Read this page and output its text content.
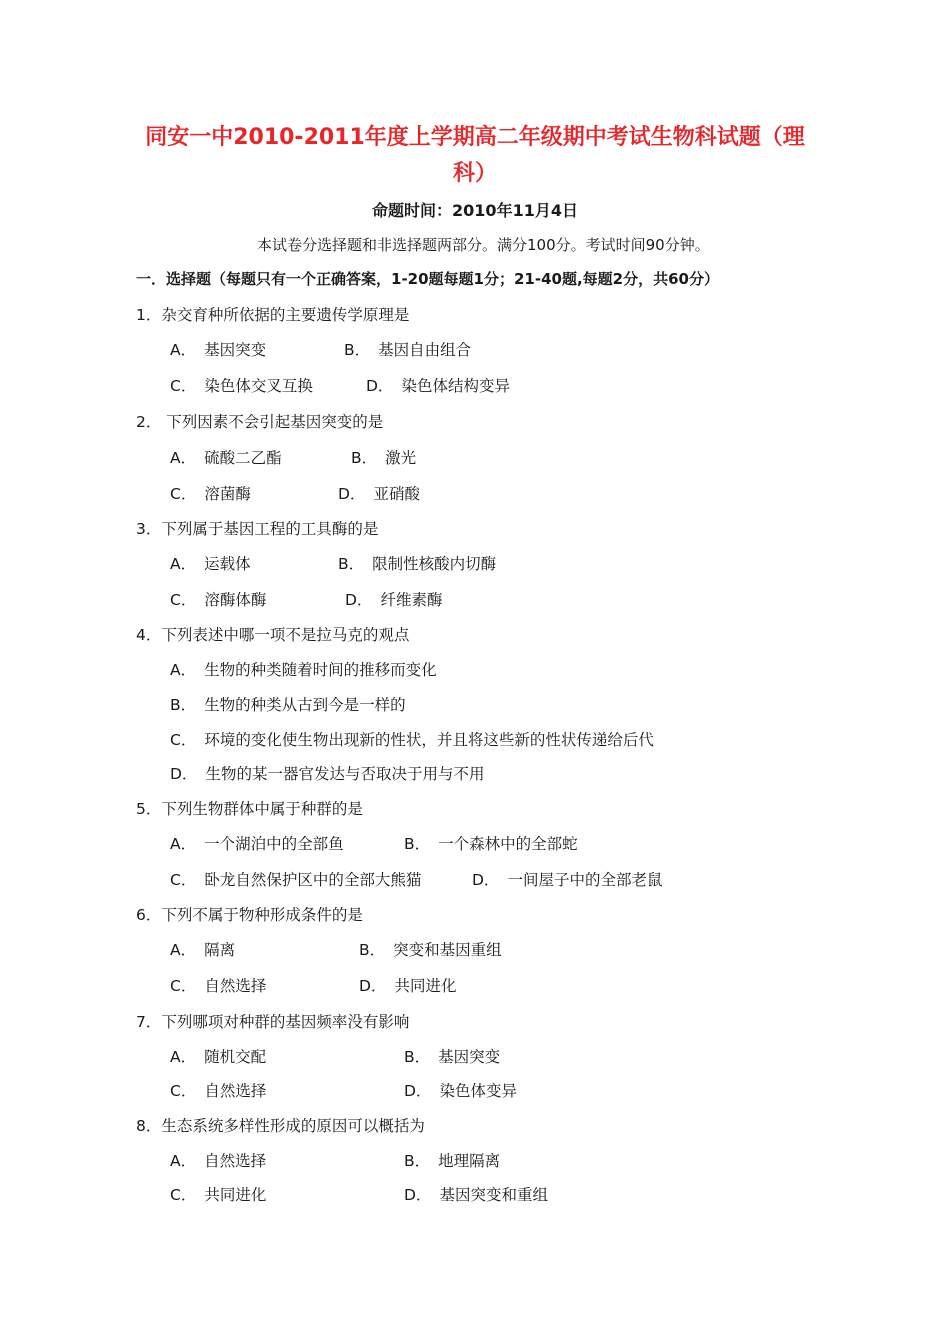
同安一中2010-2011年度上学期高二年级期中考试生物科试题（理科）
命题时间：2010年11月4日
本试卷分选择题和非选择题两部分。满分100分。考试时间90分钟。
一．选择题（每题只有一个正确答案，1-20题每题1分；21-40题,每题2分，共60分）
1．杂交育种所依据的主要遗传学原理是
A． 基因突变	B． 基因自由组合
C． 染色体交叉互换	D． 染色体结构变异
2． 下列因素不会引起基因突变的是
A． 硫酸二乙酯	B． 激光
C． 溶菌酶	D． 亚硝酸
3．下列属于基因工程的工具酶的是
A． 运载体	B． 限制性核酸内切酶
C． 溶酶体酶	D． 纤维素酶
4．下列表述中哪一项不是拉马克的观点
A． 生物的种类随着时间的推移而变化
B． 生物的种类从古到今是一样的
C． 环境的变化使生物出现新的性状，并且将这些新的性状传递给后代
D． 生物的某一器官发达与否取决于用与不用
5．下列生物群体中属于种群的是
A． 一个湖泊中的全部鱼	B． 一个森林中的全部蛇
C． 卧龙自然保护区中的全部大熊猫	D． 一间屋子中的全部老鼠
6．下列不属于物种形成条件的是
A． 隔离	B． 突变和基因重组
C． 自然选择	D． 共同进化
7．下列哪项对种群的基因频率没有影响
A． 随机交配	B． 基因突变
C． 自然选择	D． 染色体变异
8．生态系统多样性形成的原因可以概括为
A． 自然选择	B． 地理隔离
C． 共同进化	D． 基因突变和重组
